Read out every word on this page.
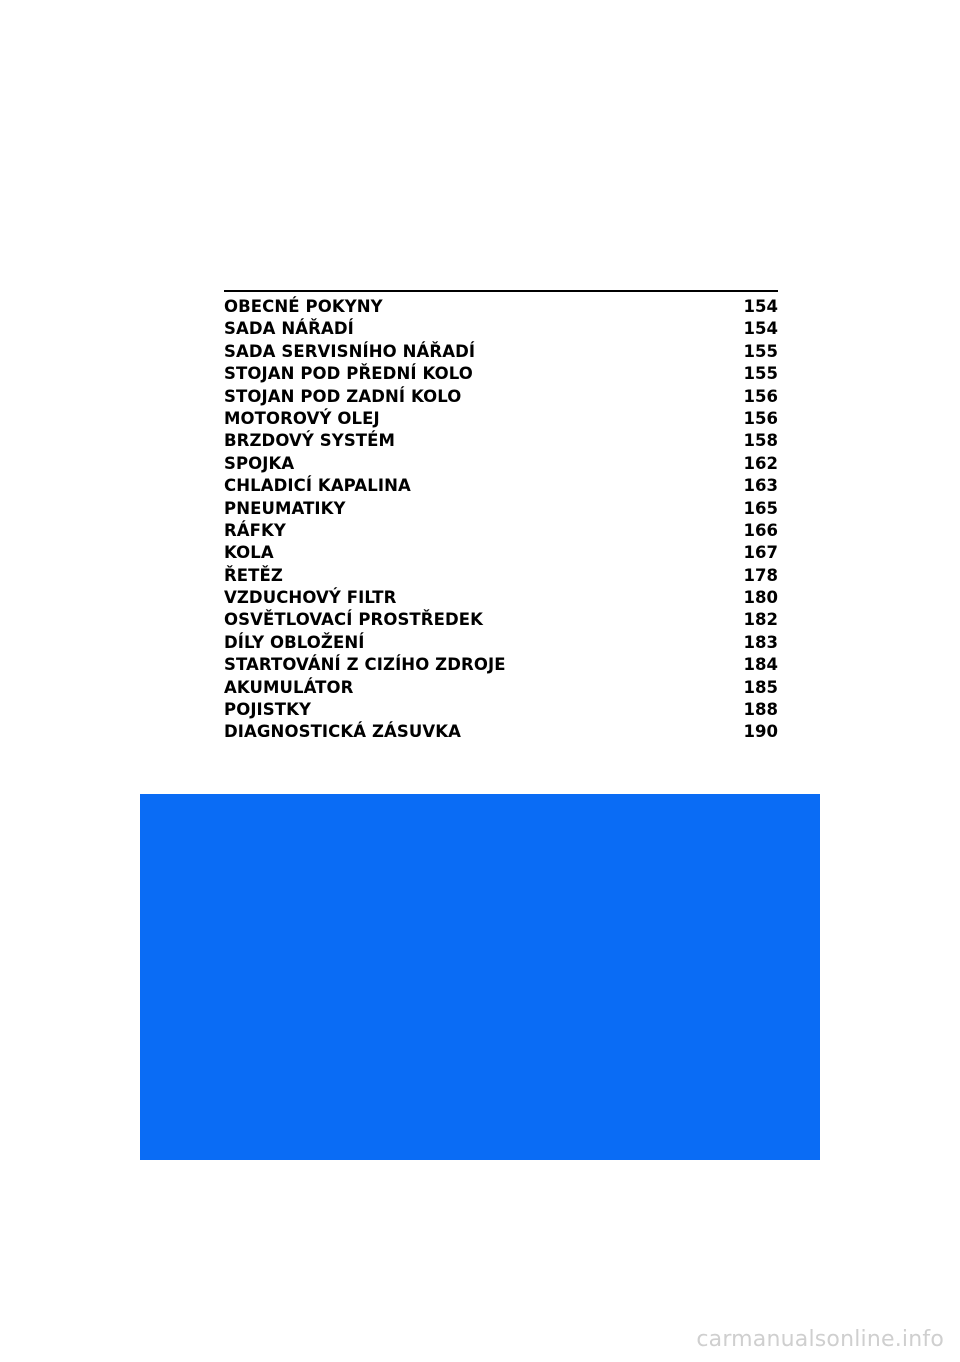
OBECNÉ POKYNY	154
SADA NÁŘADÍ	154
SADA SERVISNÍHO NÁŘADÍ	155
STOJAN POD PŘEDNÍ KOLO	155
STOJAN POD ZADNÍ KOLO	156
MOTOROVÝ OLEJ	156
BRZDOVÝ SYSTÉM	158
SPOJKA	162
CHLADICÍ KAPALINA	163
PNEUMATIKY	165
RÁFKY	166
KOLA	167
ŘETĚZ	178
VZDUCHOVÝ FILTR	180
OSVĚTLOVACÍ PROSTŘEDEK	182
DÍLY OBLOŽENÍ	183
STARTOVÁNÍ Z CIZÍHO ZDROJE	184
AKUMULÁTOR	185
POJISTKY	188
DIAGNOSTICKÁ ZÁSUVKA	190
carmanualsonline.info
